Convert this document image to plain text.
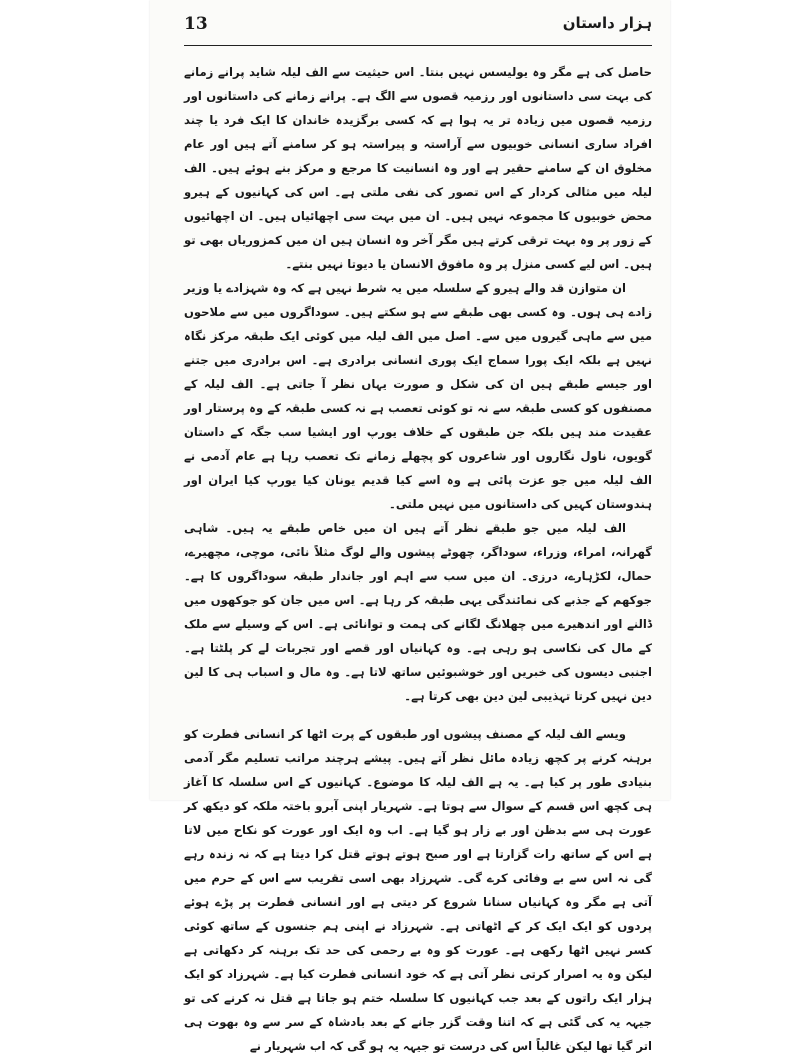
13	ہزار داستان

حاصل کی ہے مگر وہ یولیسس نہیں بنتا۔ اس حیثیت سے الف لیلہ شاید پرانے زمانے کی بہت سی داستانوں اور رزمیہ قصوں سے الگ ہے۔ پرانے زمانے کی داستانوں اور رزمیہ قصوں میں زیادہ تر یہ ہوا ہے کہ کسی برگزیدہ خاندان کا ایک فرد یا چند افراد ساری انسانی خوبیوں سے آراستہ و پیراستہ ہو کر سامنے آتے ہیں اور عام مخلوق ان کے سامنے حقیر ہے اور وہ انسانیت کا مرجع و مرکز بنے ہوئے ہیں۔ الف لیلہ میں مثالی کردار کے اس تصور کی نفی ملتی ہے۔ اس کی کہانیوں کے ہیرو محض خوبیوں کا مجموعہ نہیں ہیں۔ ان میں بہت سی اچھائیاں ہیں۔ ان اچھائیوں کے زور پر وہ بہت ترقی کرتے ہیں مگر آخر وہ انسان ہیں ان میں کمزوریاں بھی تو ہیں۔ اس لیے کسی منزل پر وہ مافوق الانسان یا دیوتا نہیں بنتے۔

ان متوازن قد والے ہیرو کے سلسلہ میں یہ شرط نہیں ہے کہ وہ شہزادے یا وزیر زادے ہی ہوں۔ وہ کسی بھی طبقے سے ہو سکتے ہیں۔ سوداگروں میں سے ملاحوں میں سے ماہی گیروں میں سے۔ اصل میں الف لیلہ میں کوئی ایک طبقہ مرکز نگاہ نہیں ہے بلکہ ایک پورا سماج ایک پوری انسانی برادری ہے۔ اس برادری میں جتنے اور جیسے طبقے ہیں ان کی شکل و صورت یہاں نظر آ جاتی ہے۔ الف لیلہ کے مصنفوں کو کسی طبقہ سے نہ تو کوئی تعصب ہے نہ کسی طبقہ کے وہ پرستار اور عقیدت مند ہیں بلکہ جن طبقوں کے خلاف یورپ اور ایشیا سب جگہ کے داستان گویوں، ناول نگاروں اور شاعروں کو پچھلے زمانے تک تعصب رہا ہے عام آدمی نے الف لیلہ میں جو عزت پائی ہے وہ اسے کیا قدیم یونان کیا یورپ کیا ایران اور ہندوستان کہیں کی داستانوں میں نہیں ملتی۔

الف لیلہ میں جو طبقے نظر آتے ہیں ان میں خاص طبقے یہ ہیں۔ شاہی گھرانہ، امراء، وزراء، سوداگر، چھوٹے پیشوں والے لوگ مثلاً نائی، موچی، مچھیرے، حمال، لکڑہارے، درزی۔ ان میں سب سے اہم اور جاندار طبقہ سوداگروں کا ہے۔ جوکھم کے جذبے کی نمائندگی یہی طبقہ کر رہا ہے۔ اس میں جان کو جوکھوں میں ڈالنے اور اندھیرے میں چھلانگ لگانے کی ہمت و توانائی ہے۔ اس کے وسیلے سے ملک کے مال کی نکاسی ہو رہی ہے۔ وہ کہانیاں اور قصے اور تجربات لے کر پلٹتا ہے۔ اجنبی دیسوں کی خبریں اور خوشبوئیں ساتھ لاتا ہے۔ وہ مال و اسباب ہی کا لین دین نہیں کرتا تہذیبی لین دین بھی کرتا ہے۔

ویسے الف لیلہ کے مصنف پیشوں اور طبقوں کے پرت اٹھا کر انسانی فطرت کو برہنہ کرنے پر کچھ زیادہ مائل نظر آتے ہیں۔ پیشے ہرچند مراتب تسلیم مگر آدمی بنیادی طور پر کیا ہے۔ یہ ہے الف لیلہ کا موضوع۔ کہانیوں کے اس سلسلہ کا آغاز ہی کچھ اس قسم کے سوال سے ہوتا ہے۔ شہریار اپنی آبرو باختہ ملکہ کو دیکھ کر عورت ہی سے بدظن اور بے زار ہو گیا ہے۔ اب وہ ایک اور عورت کو نکاح میں لاتا ہے اس کے ساتھ رات گزارتا ہے اور صبح ہوتے ہوتے قتل کرا دیتا ہے کہ نہ زندہ رہے گی نہ اس سے بے وفائی کرے گی۔ شہرزاد بھی اسی تقریب سے اس کے حرم میں آتی ہے مگر وہ کہانیاں سنانا شروع کر دیتی ہے اور انسانی فطرت پر پڑے ہوئے پردوں کو ایک ایک کر کے اٹھاتی ہے۔ شہرزاد نے اپنی ہم جنسوں کے ساتھ کوئی کسر نہیں اٹھا رکھی ہے۔ عورت کو وہ بے رحمی کی حد تک برہنہ کر دکھاتی ہے لیکن وہ یہ اصرار کرتی نظر آتی ہے کہ خود انسانی فطرت کیا ہے۔ شہرزاد کو ایک ہزار ایک راتوں کے بعد جب کہانیوں کا سلسلہ ختم ہو جاتا ہے قتل نہ کرنے کی تو جیہہ یہ کی گئی ہے کہ اتنا وقت گزر جانے کے بعد بادشاہ کے سر سے وہ بھوت ہی اتر گیا تھا لیکن غالباً اس کی درست تو جیہہ یہ ہو گی کہ اب شہریار نے
